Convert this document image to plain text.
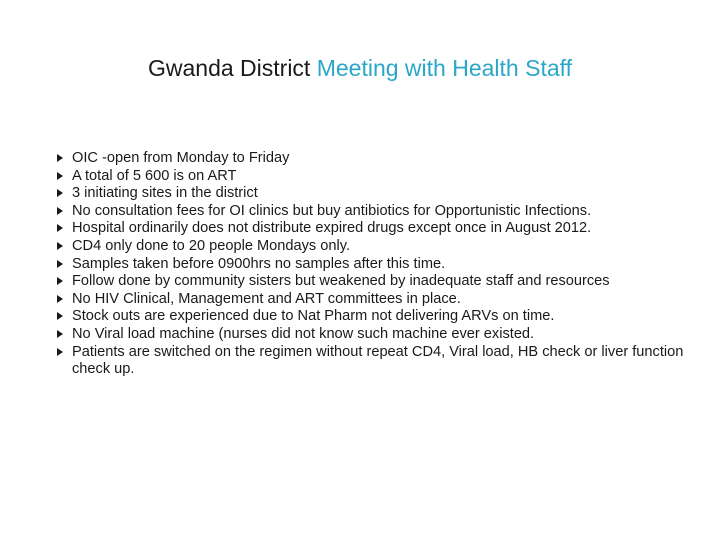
Gwanda District Meeting with Health Staff
OIC -open from Monday to Friday
A total of 5 600 is on ART
3 initiating sites in the district
No consultation fees for OI clinics but buy antibiotics for Opportunistic Infections.
Hospital ordinarily does not distribute expired drugs except once in August 2012.
CD4 only done to 20 people Mondays only.
Samples taken before 0900hrs no samples after this time.
Follow done by community sisters but weakened by inadequate staff and resources
No HIV Clinical, Management and ART committees in place.
Stock outs are experienced due to Nat Pharm not delivering ARVs on time.
No Viral load machine (nurses did not know such machine ever existed.
Patients are switched on the regimen without repeat CD4, Viral load, HB check or liver function check up.
